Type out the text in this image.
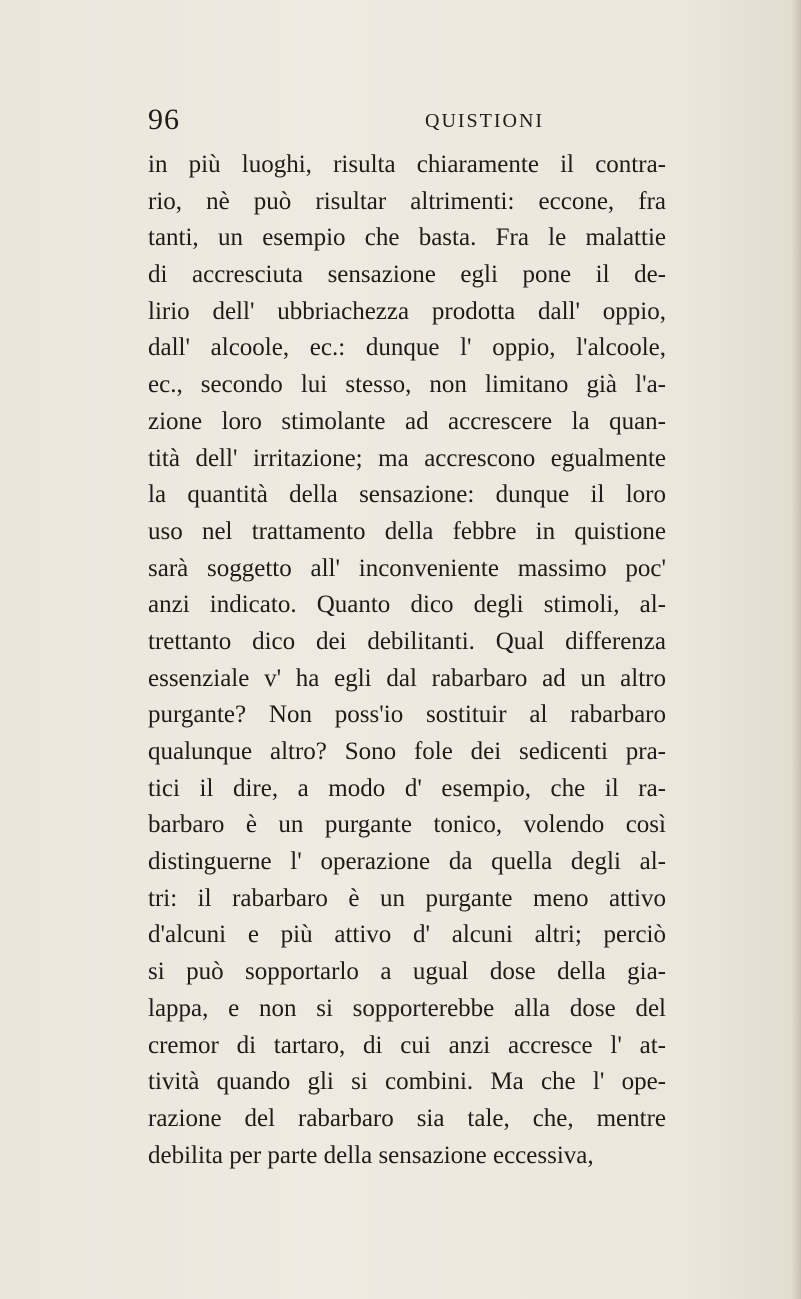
96	QUISTIONI
in più luoghi, risulta chiaramente il contra-
rio, nè può risultar altrimenti: eccone, fra
tanti, un esempio che basta. Fra le malattie
di accresciuta sensazione egli pone il de-
lirio dell' ubbriachezza prodotta dall' oppio,
dall' alcoole, ec.: dunque l' oppio, l'alcoole,
ec., secondo lui stesso, non limitano già l'a-
zione loro stimolante ad accrescere la quan-
tità dell' irritazione; ma accrescono egualmente
la quantità della sensazione: dunque il loro
uso nel trattamento della febbre in quistione
sarà soggetto all' inconveniente massimo poc'
anzi indicato. Quanto dico degli stimoli, al-
trettanto dico dei debilitanti. Qual differenza
essenziale v' ha egli dal rabarbaro ad un altro
purgante? Non poss'io sostituir al rabarbaro
qualunque altro? Sono fole dei sedicenti pra-
tici il dire, a modo d' esempio, che il ra-
barbaro è un purgante tonico, volendo così
distinguerne l' operazione da quella degli al-
tri: il rabarbaro è un purgante meno attivo
d'alcuni e più attivo d' alcuni altri; perciò
si può sopportarlo a ugual dose della gia-
lappa, e non si sopporterebbe alla dose del
cremor di tartaro, di cui anzi accresce l' at-
tività quando gli si combini. Ma che l' ope-
razione del rabarbaro sia tale, che, mentre
debilita per parte della sensazione eccessiva,
